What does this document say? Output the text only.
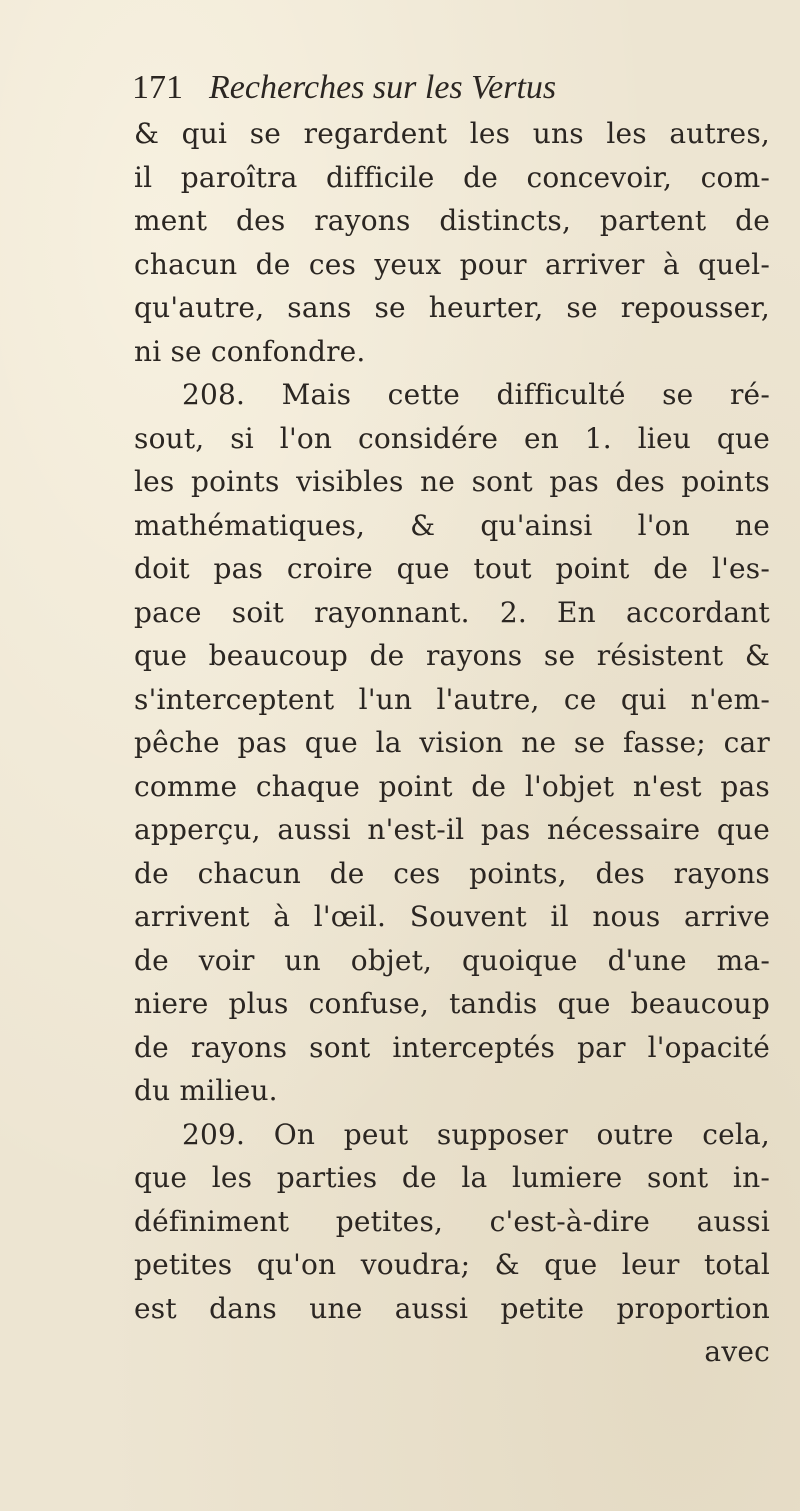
171 Recherches sur les Vertus
& qui se regardent les uns les autres,
il paroîtra difficile de concevoir, com-
ment des rayons distincts, partent de
chacun de ces yeux pour arriver à quel-
qu'autre, sans se heurter, se repousser,
ni se confondre.
208. Mais cette difficulté se ré-
sout, si l'on considére en 1. lieu que
les points visibles ne sont pas des points
mathématiques, & qu'ainsi l'on ne
doit pas croire que tout point de l'es-
pace soit rayonnant. 2. En accordant
que beaucoup de rayons se résistent &
s'interceptent l'un l'autre, ce qui n'em-
pêche pas que la vision ne se fasse; car
comme chaque point de l'objet n'est pas
apperçu, aussi n'est-il pas nécessaire que
de chacun de ces points, des rayons
arrivent à l'œil. Souvent il nous arrive
de voir un objet, quoique d'une ma-
niere plus confuse, tandis que beaucoup
de rayons sont interceptés par l'opacité
du milieu.
209. On peut supposer outre cela,
que les parties de la lumiere sont in-
définiment petites, c'est-à-dire aussi
petites qu'on voudra; & que leur total
est dans une aussi petite proportion
avec
